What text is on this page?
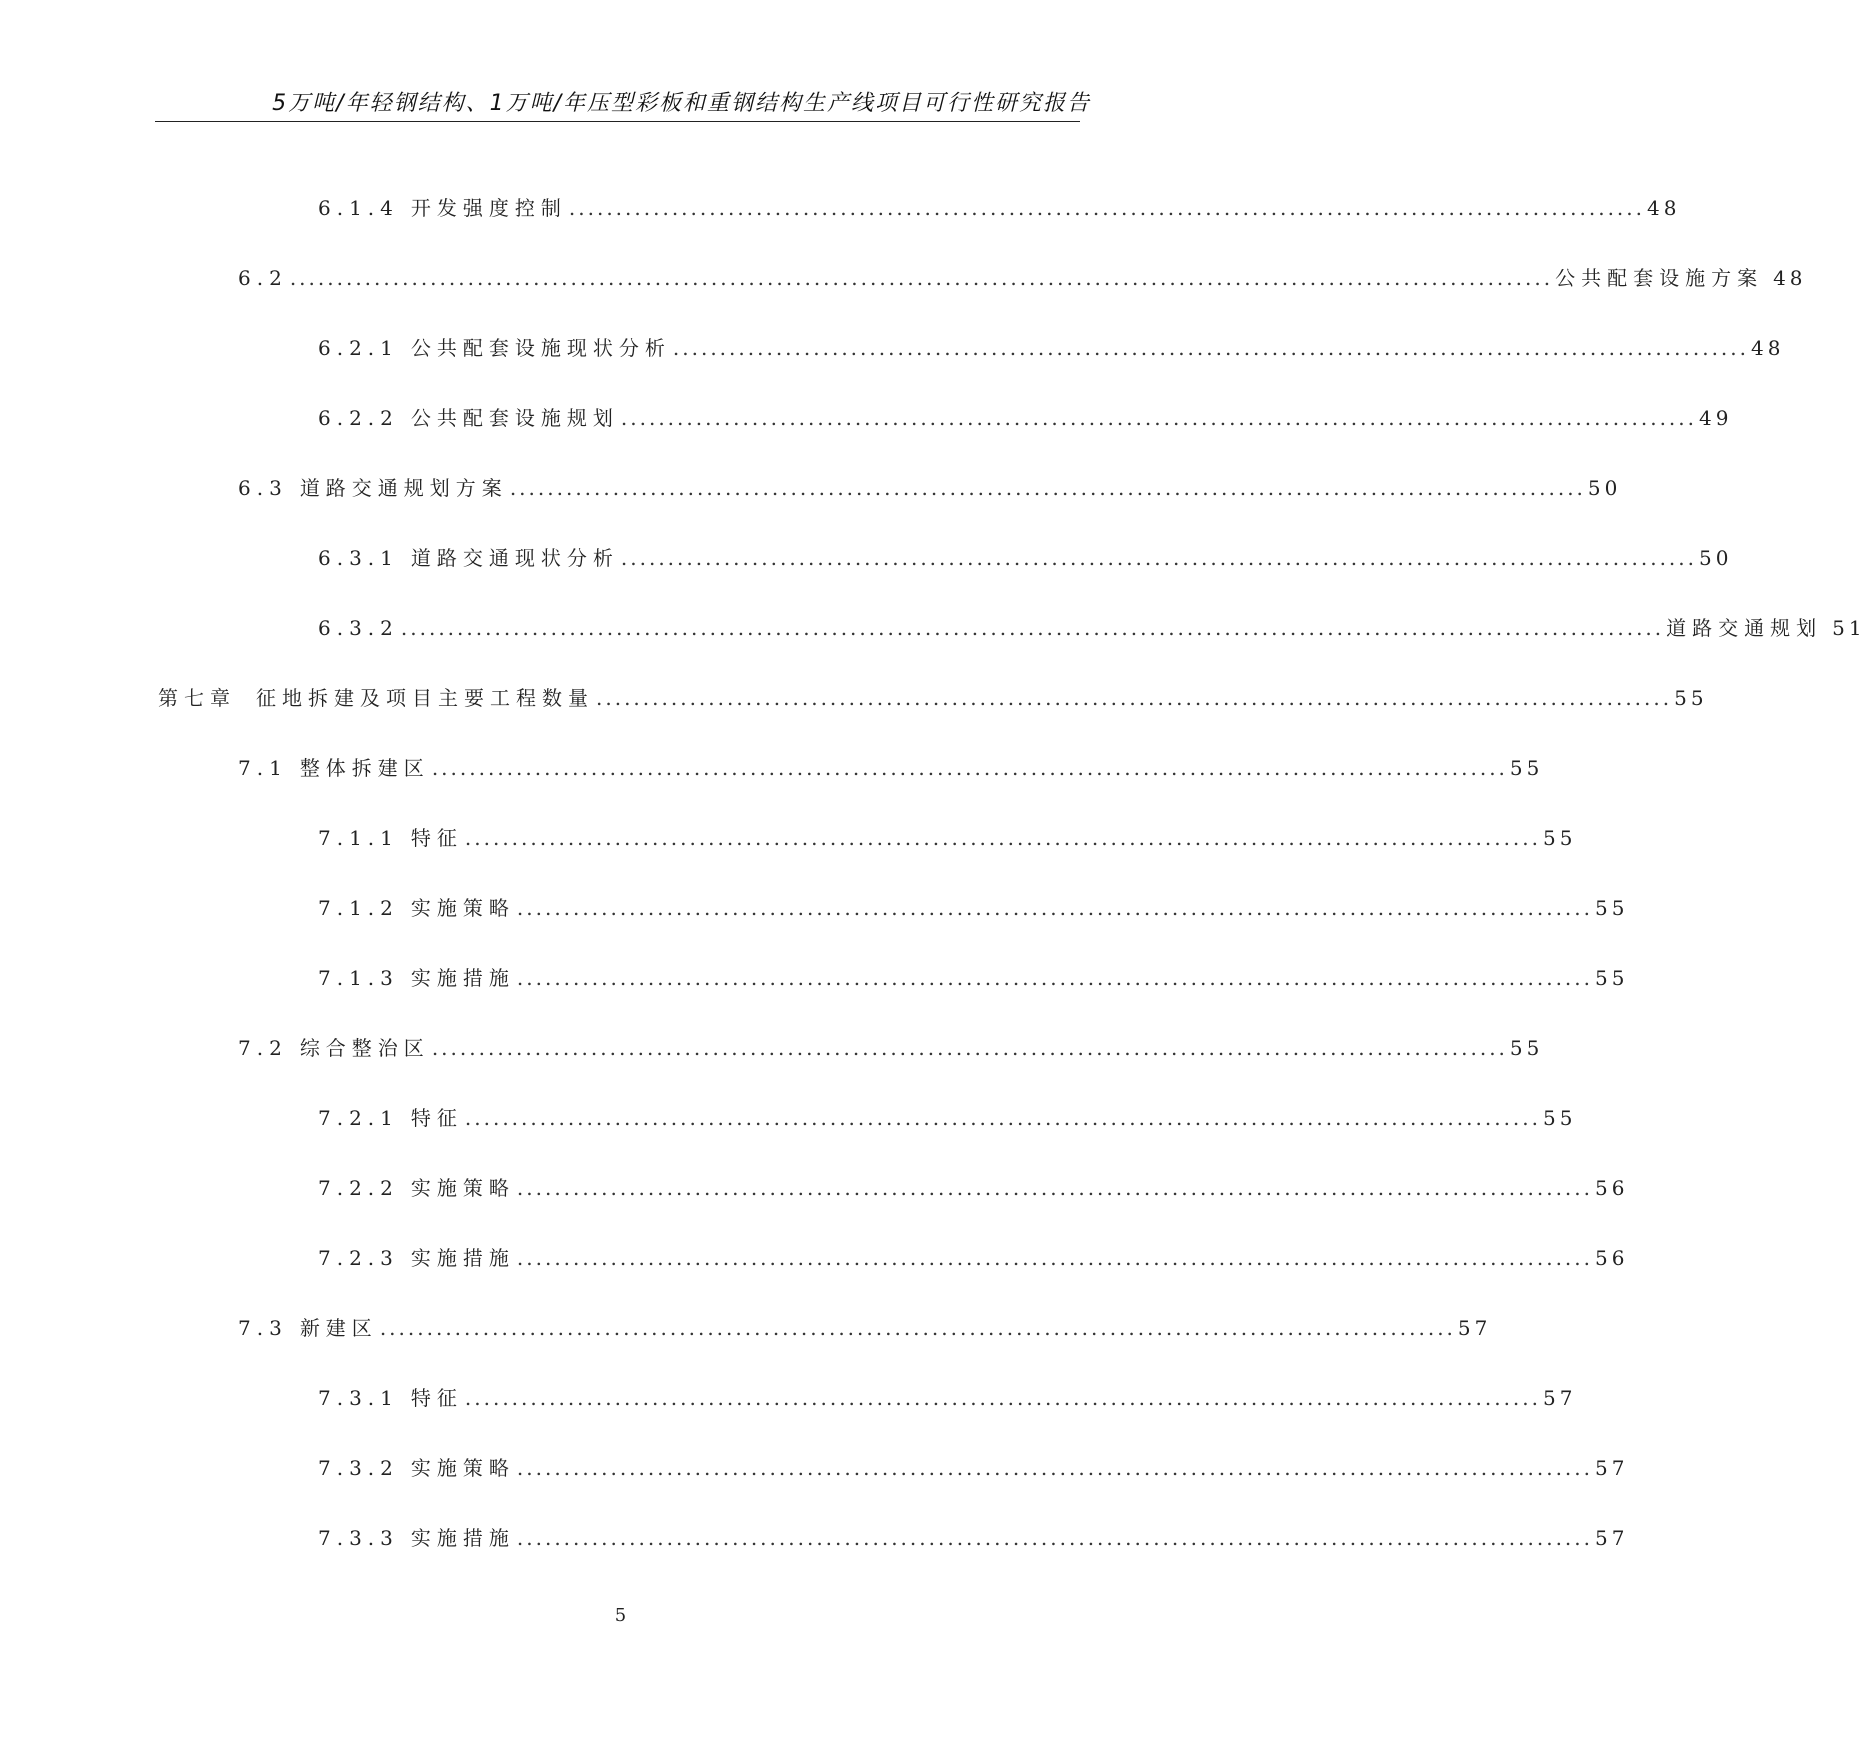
5万吨/年轻钢结构、1万吨/年压型彩板和重钢结构生产线项目可行性研究报告
6.1.4 开发强度控制 ................................................................................................................... 48
6.2 ....................................................................................................................................... 公共配套设施方案 48
6.2.1 公共配套设施现状分析 ................................................................................................................... 48
6.2.2 公共配套设施规划 ................................................................................................................... 49
6.3 道路交通规划方案 ................................................................................................................... 50
6.3.1 道路交通现状分析 ................................................................................................................... 50
6.3.2 ....................................................................................................................................... 道路交通规划 51
第七章 征地拆建及项目主要工程数量 ................................................................................................................... 55
7.1 整体拆建区 ................................................................................................................... 55
7.1.1 特征 ................................................................................................................... 55
7.1.2 实施策略 ................................................................................................................... 55
7.1.3 实施措施 ................................................................................................................... 55
7.2 综合整治区 ................................................................................................................... 55
7.2.1 特征 ................................................................................................................... 55
7.2.2 实施策略 ................................................................................................................... 56
7.2.3 实施措施 ................................................................................................................... 56
7.3 新建区 ................................................................................................................... 57
7.3.1 特征 ................................................................................................................... 57
7.3.2 实施策略 ................................................................................................................... 57
7.3.3 实施措施 ................................................................................................................... 57
5
